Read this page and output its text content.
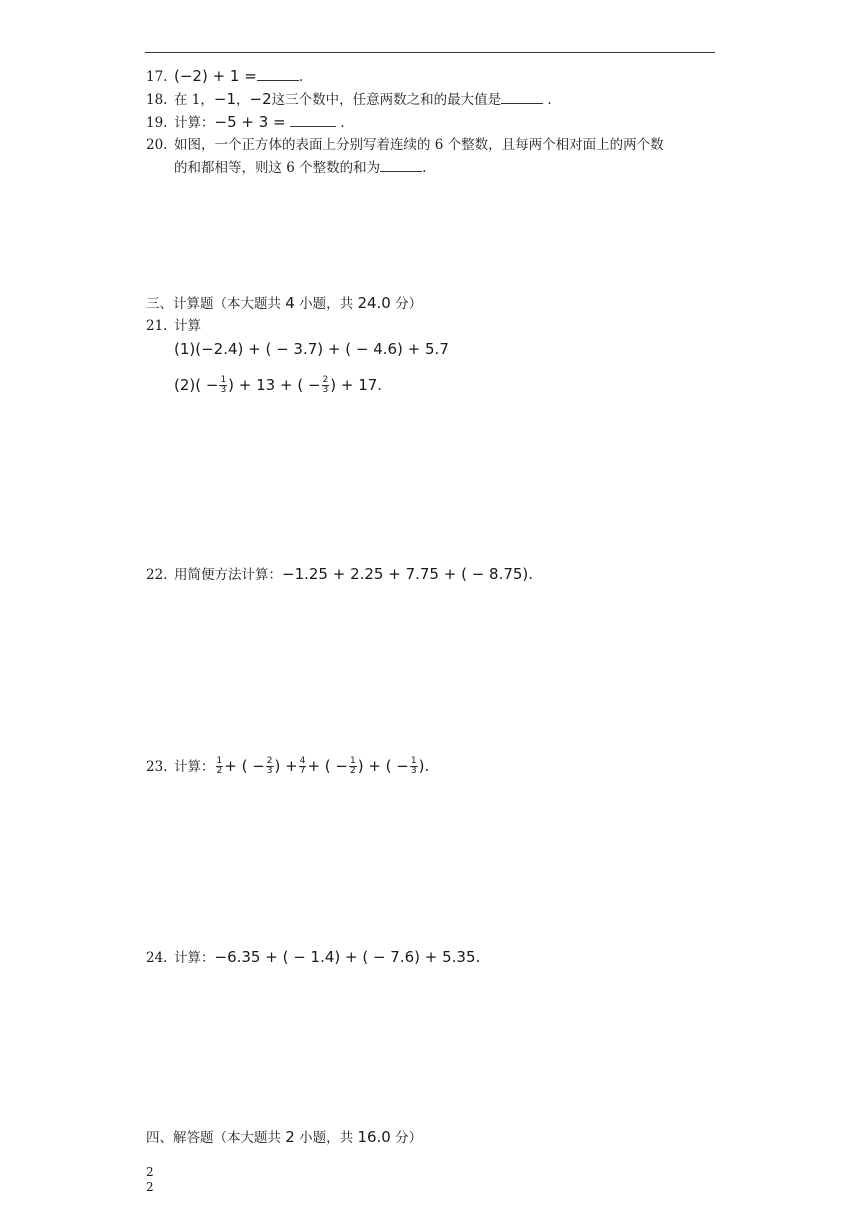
17. (−2) + 1 =	.
18. 在 1，−1，−2这三个数中，任意两数之和的最大值是	.
19. 计算：−5 + 3 =	.
20. 如图，一个正方体的表面上分别写着连续的 6 个整数，且每两个相对面上的两个数
的和都相等，则这 6 个整数的和为	.
三、计算题（本大题共 4 小题，共 24.0 分）
21. 计算
(1)(−2.4) + ( − 3.7) + ( − 4.6) + 5.7
$(2)( - \frac{1}{3}$ ) + 13 + ( − $\frac{2}{3}$ ) + 17.
22. 用简便方法计算：−1.25 + 2.25 + 7.75 + ( − 8.75).
23. 计算： $\frac{1}{2}$ + ( − $\frac{2}{3}$ ) + $\frac{4}{7}$ + ( − $\frac{1}{2}$ ) + ( − $\frac{1}{3}$ ).
24. 计算：−6.35 + ( − 1.4) + ( − 7.6) + 5.35.
四、解答题（本大题共 2 小题，共 16.0 分）
2
2
